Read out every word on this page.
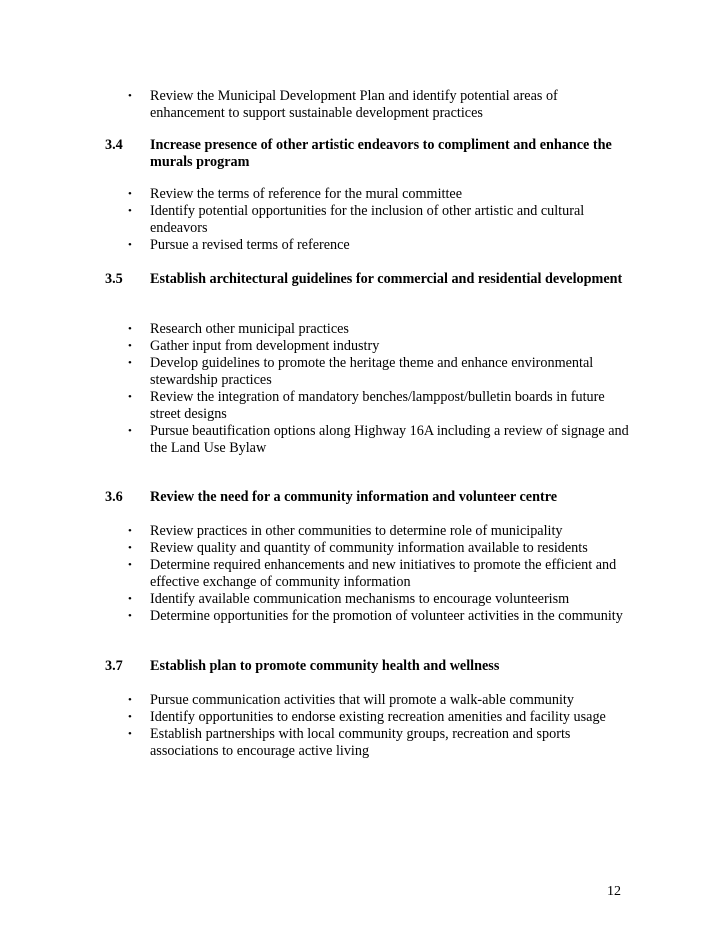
• Review the Municipal Development Plan and identify potential areas of enhancement to support sustainable development practices
3.4	Increase presence of other artistic endeavors to compliment and enhance the murals program
• Review the terms of reference for the mural committee
• Identify potential opportunities for the inclusion of other artistic and cultural endeavors
• Pursue a revised terms of reference
3.5	Establish architectural guidelines for commercial and residential development
• Research other municipal practices
• Gather input from development industry
• Develop guidelines to promote the heritage theme and enhance environmental stewardship practices
• Review the integration of mandatory benches/lamppost/bulletin boards in future street designs
• Pursue beautification options along Highway 16A including a review of signage and the Land Use Bylaw
3.6	Review the need for a community information and volunteer centre
• Review practices in other communities to determine role of municipality
• Review quality and quantity of community information available to residents
• Determine required enhancements and new initiatives to promote the efficient and effective exchange of community information
• Identify available communication mechanisms to encourage volunteerism
• Determine opportunities for the promotion of volunteer activities in the community
3.7	Establish plan to promote community health and wellness
• Pursue communication activities that will promote a walk-able community
• Identify opportunities to endorse existing recreation amenities and facility usage
• Establish partnerships with local community groups, recreation and sports associations to encourage active living
12
